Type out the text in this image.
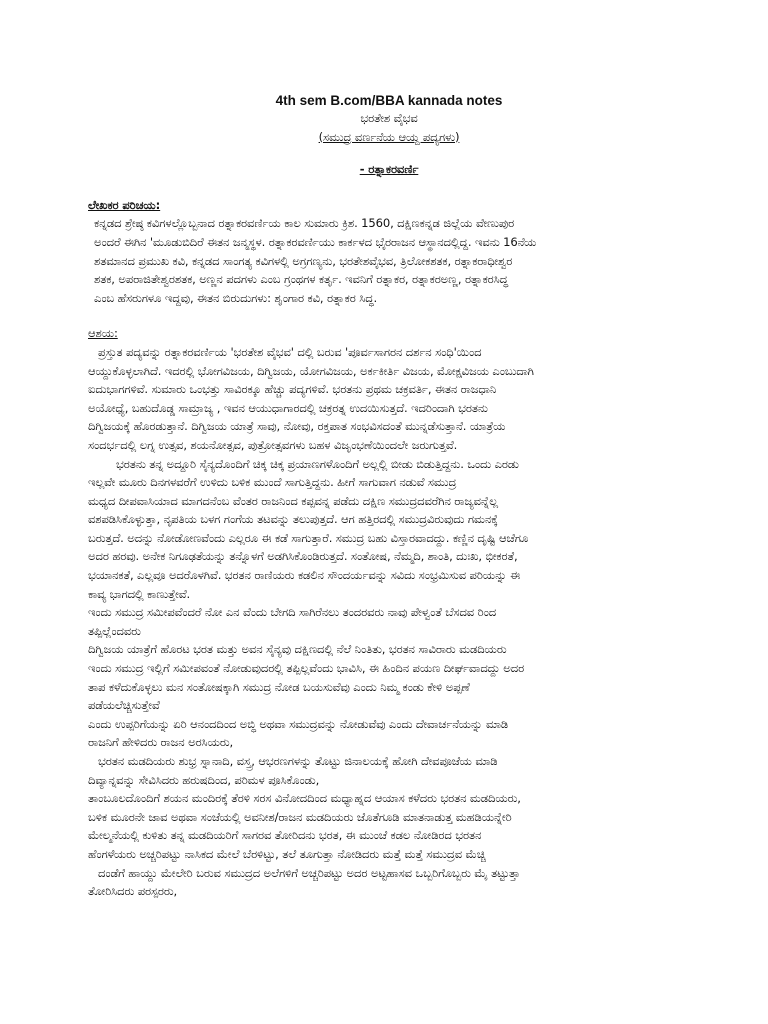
4th sem B.com/BBA kannada notes

ಭರತೇಶ ವೈಭವ

(ಸಮುದ್ರ ವರ್ಣನೆಯ ಆಯ್ದ ಪದ್ಯಗಳು)

- ರತ್ನಾಕರವರ್ಣಿ

ಲೇಖಕರ ಪರಿಚಯ:

ಕನ್ನಡದ ಶ್ರೇಷ್ಠ ಕವಿಗಳಲ್ಲೊಬ್ಬನಾದ ರತ್ನಾಕರವರ್ಣಿಯ ಕಾಲ ಸುಮಾರು ಕ್ರಿಶ. 1560, ದಕ್ಷಿಣಕನ್ನಡ ಜಿಲ್ಲೆಯ ವೇಣುಪುರ
ಅಂದರೆ ಈಗಿನ 'ಮೂಡುಬಿದಿರೆ ಈತನ ಜನ್ಮಸ್ಥಳ. ರತ್ನಾಕರವರ್ಣಿಯು ಕಾರ್ಕಳದ ಭೈರರಾಜನ ಆಸ್ಥಾನದಲ್ಲಿದ್ದ. ಇವನು 16ನೆಯ
ಶತಮಾನದ ಪ್ರಮುಖ ಕವಿ, ಕನ್ನಡದ ಸಾಂಗತ್ಯ ಕವಿಗಳಲ್ಲಿ ಅಗ್ರಗಣ್ಯನು, ಭರತೇಶವೈಭವ, ತ್ರಿಲೋಕಶತಕ, ರತ್ನಾಕರಾಧೀಶ್ವರ
ಶತಕ, ಅಪರಾಜಿತೇಶ್ವರಶತಕ, ಅಣ್ಣನ ಪದಗಳು ಎಂಬ ಗ್ರಂಥಗಳ ಕರ್ತೃ. ಇವನಿಗೆ ರತ್ನಾಕರ, ರತ್ನಾಕರಅಣ್ಣ, ರತ್ನಾಕರಸಿದ್ಧ
ಎಂಬ ಹೆಸರುಗಳೂ ಇದ್ದವು, ಈತನ ಬಿರುದುಗಳು: ಶೃಂಗಾರ ಕವಿ, ರತ್ನಾಕರ ಸಿದ್ಧ.

ಆಶಯ:

ಪ್ರಸ್ತುತ ಪದ್ಯವನ್ನು ರತ್ನಾಕರವರ್ಣಿಯ 'ಭರತೇಶ ವೈಭವ' ದಲ್ಲಿ ಬರುವ 'ಪೂರ್ವಸಾಗರನ ದರ್ಶನ ಸಂಧಿ'ಯಿಂದ
ಆಯ್ದುಕೊಳ್ಳಲಾಗಿದೆ. ಇದರಲ್ಲಿ ಭೋಗವಿಜಯ, ದಿಗ್ವಿಜಯ, ಯೋಗವಿಜಯ, ಅರ್ಕಕೀರ್ತಿ ವಿಜಯ, ಮೋಕ್ಷವಿಜಯ ಎಂಬುದಾಗಿ
ಐದುಭಾಗಗಳಿವೆ. ಸುಮಾರು ಒಂಭತ್ತು ಸಾವಿರಕ್ಕೂ ಹೆಚ್ಚು ಪದ್ಯಗಳಿವೆ. ಭರತನು ಪ್ರಥಮ ಚಕ್ರವರ್ತಿ, ಈತನ ರಾಜಧಾನಿ
ಅಯೋಧ್ಯೆ, ಬಹುದೊಡ್ಡ ಸಾಮ್ರಾಜ್ಯ , ಇವನ ಆಯುಧಾಗಾರದಲ್ಲಿ ಚಕ್ರರತ್ನ ಉದಯಿಸುತ್ತದೆ. ಇದರಿಂದಾಗಿ ಭರತನು
ದಿಗ್ವಿಜಯಕ್ಕೆ ಹೊರಡುತ್ತಾನೆ. ದಿಗ್ವಿಜಯ ಯಾತ್ರೆ ಸಾವು, ನೋವು, ರಕ್ತಪಾತ ಸಂಭವಿಸದಂತೆ ಮುನ್ನಡೆಸುತ್ತಾನೆ. ಯಾತ್ರೆಯ
ಸಂದರ್ಭದಲ್ಲಿ ಲಗ್ನ ಉತ್ಸವ, ಶಯನೋತ್ಸವ, ಪುತ್ರೋತ್ಸವಗಳು ಬಹಳ ವಿಜೃಂಭಣೆಯಿಂದಲೇ ಜರುಗುತ್ತವೆ.
ಭರತನು ತನ್ನ ಅದ್ದೂರಿ ಸೈನ್ಯದೊಂದಿಗೆ ಚಿಕ್ಕ ಚಿಕ್ಕ ಪ್ರಯಾಣಗಳೊಂದಿಗೆ ಅಲ್ಲಲ್ಲಿ ಬೀಡು ಬಿಡುತ್ತಿದ್ದನು. ಒಂದು ಎರಡು
ಇಲ್ಲವೇ ಮೂರು ದಿನಗಳವರೆಗೆ ಉಳಿದು ಬಳಿಕ ಮುಂದೆ ಸಾಗುತ್ತಿದ್ದನು. ಹೀಗೆ ಸಾಗುವಾಗ ನಡುವೆ ಸಮುದ್ರ
ಮಧ್ಯದ ದೀಪವಾಸಿಯಾದ ಮಾಗದನೆಂಬ ವೆಂತರ ರಾಜನಿಂದ ಕಪ್ಪವನ್ನ ಪಡೆದು ದಕ್ಷಿಣ ಸಮುದ್ರದವರೆಗಿನ ರಾಜ್ಯವನ್ನೆಲ್ಲ
ವಶಪಡಿಸಿಕೊಳ್ಳುತ್ತಾ, ನೃಪತಿಯ ಬಳಗ ಗಂಗೆಯ ತಟವನ್ನು ತಲುಪುತ್ತದೆ. ಆಗ ಹತ್ತಿರದಲ್ಲಿ ಸಮುದ್ರವಿರುವುದು ಗಮನಕ್ಕೆ
ಬರುತ್ತದೆ. ಅದನ್ನು ನೋಡೋಣವೆಂದು ಎಲ್ಲರೂ ಈ ಕಡೆ ಸಾಗುತ್ತಾರೆ. ಸಮುದ್ರ ಬಹು ವಿಸ್ತಾರವಾದದ್ದು. ಕಣ್ಣಿನ ದೃಷ್ಟಿ ಆಚೆಗೂ
ಅದರ ಹರವು. ಅನೇಕ ನಿಗೂಢತೆಯನ್ನು ತನ್ನೊಳಗೆ ಅಡಗಿಸಿಕೊಂಡಿರುತ್ತದೆ. ಸಂತೋಷ, ನೆಮ್ಮದಿ, ಶಾಂತಿ, ದುಃಖ, ಭೀಕರತೆ,
ಭಯಾನಕತೆ, ಎಲ್ಲವೂ ಅದರೊಳಗಿವೆ. ಭರತನ ರಾಣಿಯರು ಕಡಲಿನ ಸೌಂದರ್ಯವನ್ನು ಸವಿದು ಸಂಭ್ರಮಿಸುವ ಪರಿಯನ್ನು ಈ
ಕಾವ್ಯ ಭಾಗದಲ್ಲಿ ಕಾಣುತ್ತೇವೆ.
ಇಂದು ಸಮುದ್ರ ಸಮೀಪವೆಂದರೆ ನೋ ಎನ ವೆಂದು ಬೇಗದಿ ಸಾಗಿರೆನಲು ತಂದರವರು ನಾವು ಪೇಳ್ವಂತೆ ಬೆಸದವ ರಿಂದ
ತಪ್ಪಿಲ್ಲೆಂದವರು
ದಿಗ್ವಿಜಯ ಯಾತ್ರೆಗೆ ಹೊರಟ ಭರತ ಮತ್ತು ಅವನ ಸೈನ್ಯವು ದಕ್ಷಿಣದಲ್ಲಿ ನೆಲೆ ನಿಂತಿತು, ಭರತನ ಸಾವಿರಾರು ಮಡದಿಯರು
ಇಂದು ಸಮುದ್ರ ಇಲ್ಲಿಗೆ ಸಮೀಪವಂತೆ ನೋಡುವುದರಲ್ಲಿ ತಪ್ಪಿಲ್ಲವೆಂದು ಭಾವಿಸಿ, ಈ ಹಿಂದಿನ ಪಯಣ ದೀರ್ಘವಾದದ್ದು ಅದರ
ತಾಪ ಕಳೆದುಕೊಳ್ಳಲು ಮನ ಸಂತೋಷಕ್ಕಾಗಿ ಸಮುದ್ರ ನೋಡ ಬಯಸುವೆವು ಎಂದು ನಿಮ್ಮ ಕಂಡು ಕೇಳಿ ಅಪ್ಪಣೆ
ಪಡೆಯಲೆಚ್ಚಿಸುತ್ತೇವೆ
ಎಂದು ಉಪ್ಪರಿಗೆಯನ್ನು ಏರಿ ಆನಂದದಿಂದ ಅಬ್ಧಿ ಅಥವಾ ಸಮುದ್ರವನ್ನು ನೋಡುವೆವು ಎಂದು ದೇವಾರ್ಚನೆಯನ್ನು ಮಾಡಿ
ರಾಜನಿಗೆ ಹೇಳಿದರು ರಾಜನ ಅರಸಿಯರು,
ಭರತನ ಮಡದಿಯರು ಶುಭ್ರ ಸ್ನಾನಾದಿ, ವಸ್ತ್ರ, ಆಭರಣಗಳನ್ನು ತೊಟ್ಟು ಜಿನಾಲಯಕ್ಕೆ ಹೋಗಿ ದೇವಪೂಜೆಯ ಮಾಡಿ
ದಿವ್ಯಾನ್ನವನ್ನು ಸೇವಿಸಿದರು ಹರುಷದಿಂದ, ಪರಿಮಳ ಪೂಸಿಕೊಂಡು,
ತಾಂಬೂಲದೊಂದಿಗೆ ಶಯನ ಮಂದಿರಕ್ಕೆ ತೆರಳಿ ಸರಸ ವಿನೋದದಿಂದ ಮಧ್ಯಾಹ್ನದ ಆಯಾಸ ಕಳೆದರು ಭರತನ ಮಡದಿಯರು,
ಬಳಿಕ ಮೂರನೇ ಜಾವ ಅಥವಾ ಸಂಜೆಯಲ್ಲಿ ಅವನೀಶ/ರಾಜನ ಮಡದಿಯರು ಜೊತೆಗೂಡಿ ಮಾತನಾಡುತ್ತ ಮಹಡಿಯನ್ನೇರಿ
ಮೇಲ್ಮನೆಯಲ್ಲಿ ಕುಳಿತು ತನ್ನ ಮಡದಿಯರಿಗೆ ಸಾಗರವ ತೋರಿದನು ಭರತ, ಈ ಮುಂಚೆ ಕಡಲ ನೋಡಿರದ ಭರತನ
ಹೆಂಗಳೆಯರು ಅಚ್ಚರಿಪಟ್ಟು ನಾಸಿಕದ ಮೇಲೆ ಬೆರಳಿಟ್ಟು, ತಲೆ ತೂಗುತ್ತಾ ನೋಡಿದರು ಮತ್ತೆ ಮತ್ತೆ ಸಮುದ್ರವ ಮೆಚ್ಚಿ
ದಂಡೆಗೆ ಹಾಯ್ದು ಮೇಲೇರಿ ಬರುವ ಸಮುದ್ರದ ಅಲೆಗಳಿಗೆ ಅಚ್ಚರಿಪಟ್ಟು ಅದರ ಅಟ್ಟಹಾಸವ ಒಬ್ಬರಿಗೊಬ್ಬರು ಮೈ ತಟ್ಟುತ್ತಾ
ತೋರಿಸಿದರು ಪರಸ್ಪರರು,
